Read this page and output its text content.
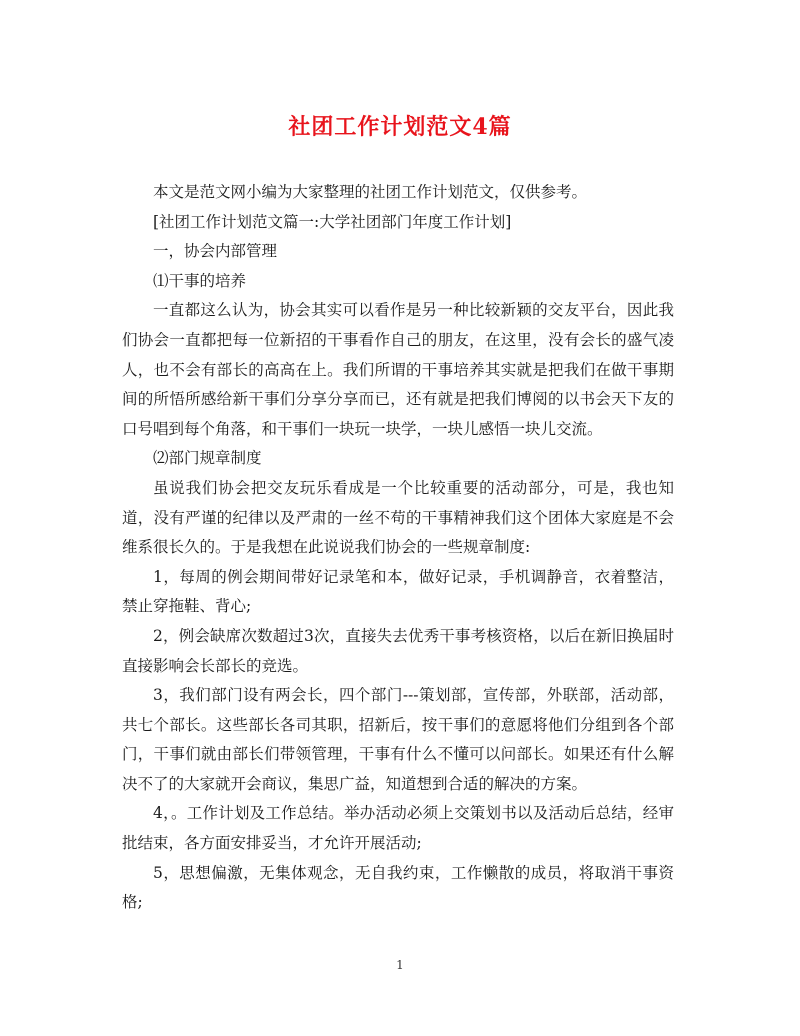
社团工作计划范文4篇

本文是范文网小编为大家整理的社团工作计划范文，仅供参考。

[社团工作计划范文篇一:大学社团部门年度工作计划]

一，协会内部管理

⑴干事的培养

一直都这么认为，协会其实可以看作是另一种比较新颖的交友平台，因此我们协会一直都把每一位新招的干事看作自己的朋友，在这里，没有会长的盛气凌人，也不会有部长的高高在上。我们所谓的干事培养其实就是把我们在做干事期间的所悟所感给新干事们分享分享而已，还有就是把我们博阅的以书会天下友的口号唱到每个角落，和干事们一块玩一块学，一块儿感悟一块儿交流。

⑵部门规章制度

虽说我们协会把交友玩乐看成是一个比较重要的活动部分，可是，我也知道，没有严谨的纪律以及严肃的一丝不苟的干事精神我们这个团体大家庭是不会维系很长久的。于是我想在此说说我们协会的一些规章制度:

1，每周的例会期间带好记录笔和本，做好记录，手机调静音，衣着整洁，禁止穿拖鞋、背心;

2，例会缺席次数超过3次，直接失去优秀干事考核资格，以后在新旧换届时直接影响会长部长的竞选。

3，我们部门设有两会长，四个部门---策划部，宣传部，外联部，活动部，共七个部长。这些部长各司其职，招新后，按干事们的意愿将他们分组到各个部门，干事们就由部长们带领管理，干事有什么不懂可以问部长。如果还有什么解决不了的大家就开会商议，集思广益，知道想到合适的解决的方案。

4，。工作计划及工作总结。举办活动必须上交策划书以及活动后总结，经审批结束，各方面安排妥当，才允许开展活动;

5，思想偏激，无集体观念，无自我约束，工作懒散的成员，将取消干事资格;

1
